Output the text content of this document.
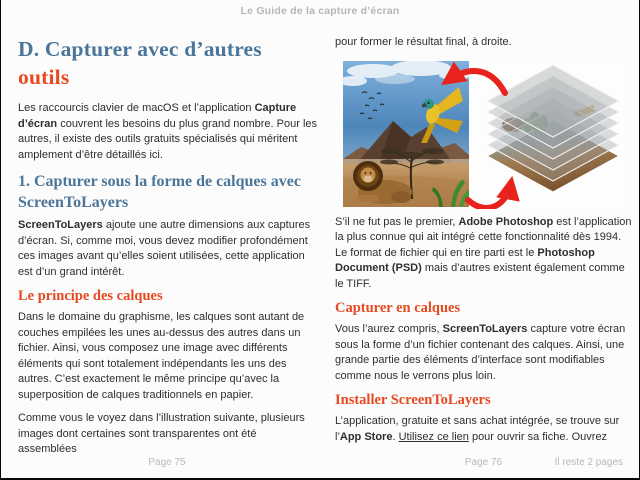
Le Guide de la capture d’écran
D. Capturer avec d’autres
outils

Les raccourcis clavier de macOS et l’application Capture d’écran couvrent les besoins du plus grand nombre. Pour les autres, il existe des outils gratuits spécialisés qui méritent amplement d’être détaillés ici.

1. Capturer sous la forme de calques avec ScreenToLayers

ScreenToLayers ajoute une autre dimensions aux captures d’écran. Si, comme moi, vous devez modifier profondément ces images avant qu’elles soient utilisées, cette application est d’un grand intérêt.

Le principe des calques

Dans le domaine du graphisme, les calques sont autant de couches empilées les unes au-dessus des autres dans un fichier. Ainsi, vous composez une image avec différents éléments qui sont totalement indépendants les uns des autres. C’est exactement le même principe qu’avec la superposition de calques traditionnels en papier.

Comme vous le voyez dans l’illustration suivante, plusieurs images dont certaines sont transparentes ont été assemblées

pour former le résultat final, à droite.

S’il ne fut pas le premier, Adobe Photoshop est l’application la plus connue qui ait intégré cette fonctionnalité dès 1994. Le format de fichier qui en tire parti est le Photoshop Document (PSD) mais d’autres existent également comme le TIFF.

Capturer en calques

Vous l’aurez compris, ScreenToLayers capture votre écran sous la forme d’un fichier contenant des calques. Ainsi, une grande partie des éléments d’interface sont modifiables comme nous le verrons plus loin.

Installer ScreenToLayers

L’application, gratuite et sans achat intégrée, se trouve sur l’App Store. Utilisez ce lien pour ouvrir sa fiche. Ouvrez

Page 75	Page 76	Il reste 2 pages
